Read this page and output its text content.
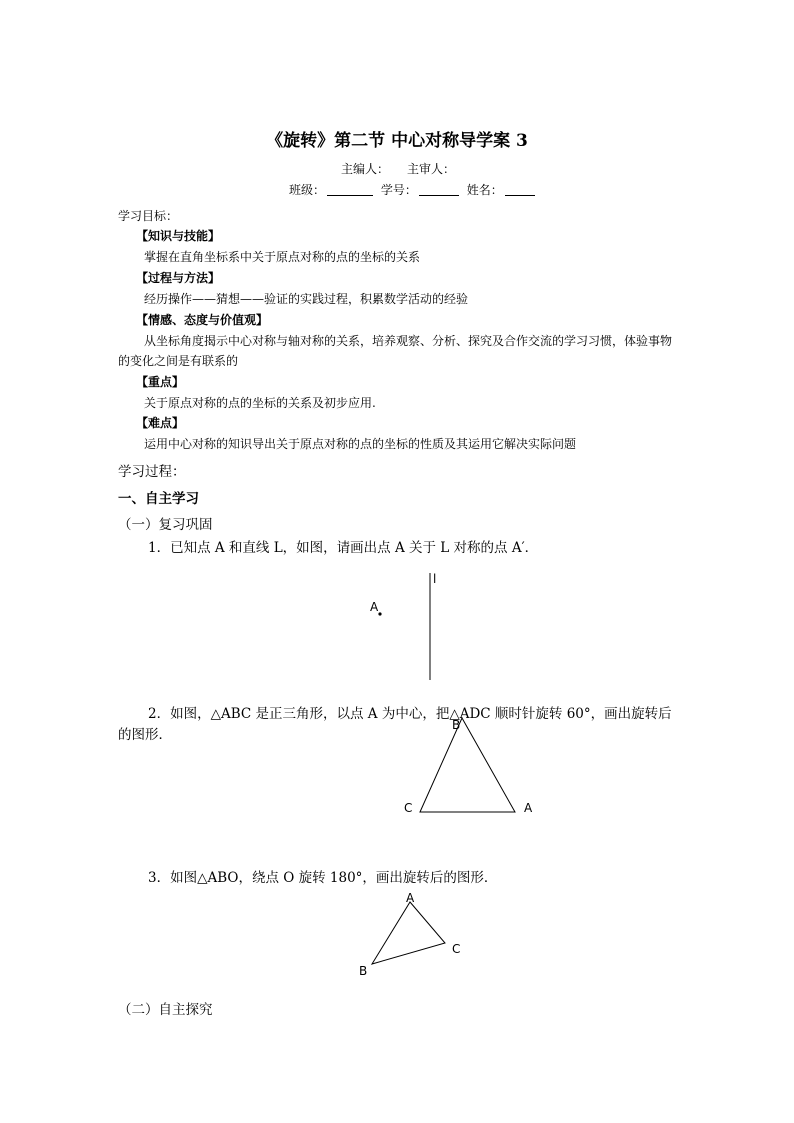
《旋转》第二节 中心对称导学案 3
主编人： 主审人：
班级：	学号：	姓名：
学习目标：
【知识与技能】
掌握在直角坐标系中关于原点对称的点的坐标的关系
【过程与方法】
经历操作——猜想——验证的实践过程，积累数学活动的经验
【情感、态度与价值观】
从坐标角度揭示中心对称与轴对称的关系，培养观察、分析、探究及合作交流的学习习惯，体验事物
的变化之间是有联系的
【重点】
关于原点对称的点的坐标的关系及初步应用.
【难点】
运用中心对称的知识导出关于原点对称的点的坐标的性质及其运用它解决实际问题
学习过程：
一、自主学习
（一）复习巩固
1．已知点 A 和直线 L，如图，请画出点 A 关于 L 对称的点 A′．
l
A
2．如图，△ABC 是正三角形，以点 A 为中心，把△ADC 顺时针旋转 60°，画出旋转后
的图形．
B
C	A
3．如图△ABO，绕点 O 旋转 180°，画出旋转后的图形．
A
C
B
（二）自主探究
